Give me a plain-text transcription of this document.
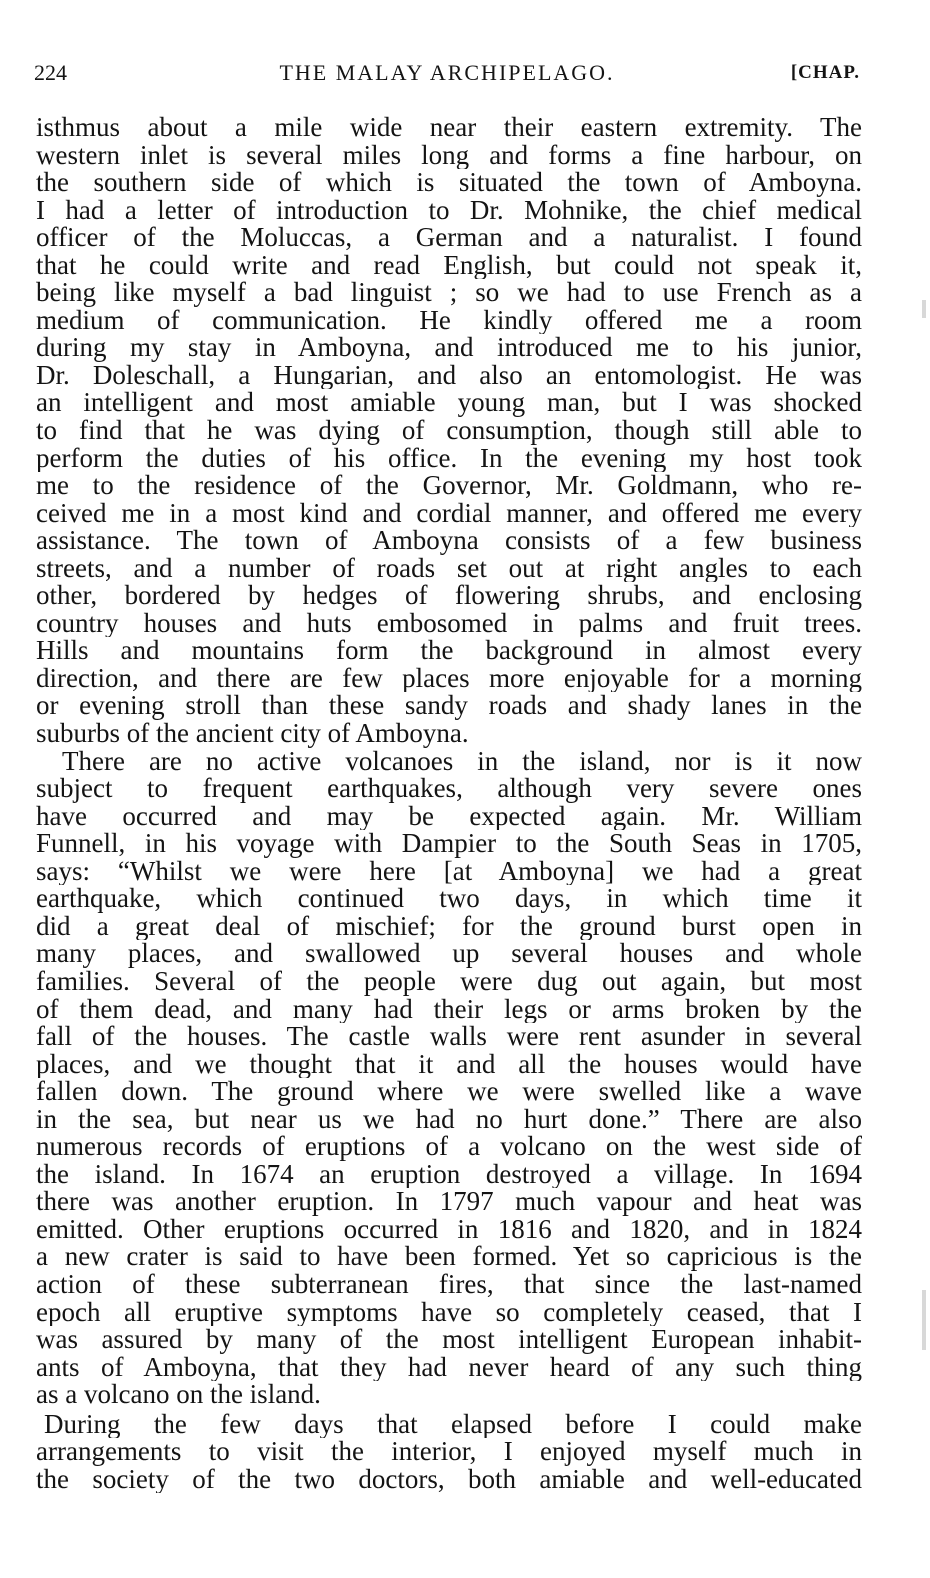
224	THE MALAY ARCHIPELAGO.	[CHAP.
isthmus about a mile wide near their eastern extremity. The
western inlet is several miles long and forms a fine harbour, on
the southern side of which is situated the town of Amboyna.
I had a letter of introduction to Dr. Mohnike, the chief medical
officer of the Moluccas, a German and a naturalist. I found
that he could write and read English, but could not speak it,
being like myself a bad linguist ; so we had to use French as a
medium of communication. He kindly offered me a room
during my stay in Amboyna, and introduced me to his junior,
Dr. Doleschall, a Hungarian, and also an entomologist. He was
an intelligent and most amiable young man, but I was shocked
to find that he was dying of consumption, though still able to
perform the duties of his office. In the evening my host took
me to the residence of the Governor, Mr. Goldmann, who re-
ceived me in a most kind and cordial manner, and offered me every
assistance. The town of Amboyna consists of a few business
streets, and a number of roads set out at right angles to each
other, bordered by hedges of flowering shrubs, and enclosing
country houses and huts embosomed in palms and fruit trees.
Hills and mountains form the background in almost every
direction, and there are few places more enjoyable for a morning
or evening stroll than these sandy roads and shady lanes in the
suburbs of the ancient city of Amboyna.
There are no active volcanoes in the island, nor is it now
subject to frequent earthquakes, although very severe ones
have occurred and may be expected again. Mr. William
Funnell, in his voyage with Dampier to the South Seas in 1705,
says: “Whilst we were here [at Amboyna] we had a great
earthquake, which continued two days, in which time it
did a great deal of mischief; for the ground burst open in
many places, and swallowed up several houses and whole
families. Several of the people were dug out again, but most
of them dead, and many had their legs or arms broken by the
fall of the houses. The castle walls were rent asunder in several
places, and we thought that it and all the houses would have
fallen down. The ground where we were swelled like a wave
in the sea, but near us we had no hurt done.” There are also
numerous records of eruptions of a volcano on the west side of
the island. In 1674 an eruption destroyed a village. In 1694
there was another eruption. In 1797 much vapour and heat was
emitted. Other eruptions occurred in 1816 and 1820, and in 1824
a new crater is said to have been formed. Yet so capricious is the
action of these subterranean fires, that since the last-named
epoch all eruptive symptoms have so completely ceased, that I
was assured by many of the most intelligent European inhabit-
ants of Amboyna, that they had never heard of any such thing
as a volcano on the island.
During the few days that elapsed before I could make
arrangements to visit the interior, I enjoyed myself much in
the society of the two doctors, both amiable and well-educated
